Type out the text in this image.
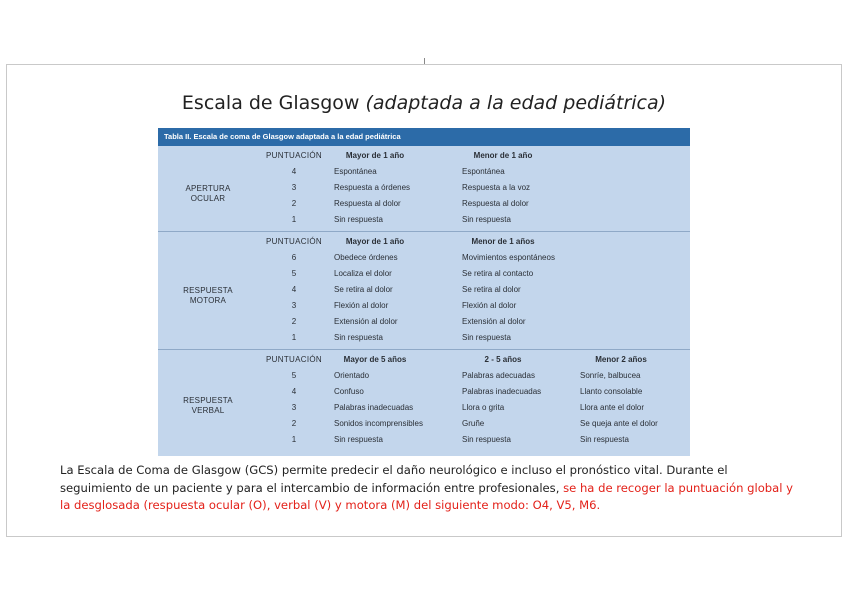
Escala de Glasgow (adaptada a la edad pediátrica)
Tabla II. Escala de coma de Glasgow adaptada a la edad pediátrica
APERTURA
OCULAR
PUNTUACIÓN	Mayor de 1 año	Menor de 1 año
4	Espontánea	Espontánea
3	Respuesta a órdenes	Respuesta a la voz
2	Respuesta al dolor	Respuesta al dolor
1	Sin respuesta	Sin respuesta
RESPUESTA
MOTORA
PUNTUACIÓN	Mayor de 1 año	Menor de 1 años
6	Obedece órdenes	Movimientos espontáneos
5	Localiza el dolor	Se retira al contacto
4	Se retira al dolor	Se retira al dolor
3	Flexión al dolor	Flexión al dolor
2	Extensión al dolor	Extensión al dolor
1	Sin respuesta	Sin respuesta
RESPUESTA
VERBAL
PUNTUACIÓN	Mayor de 5 años	2 - 5 años	Menor 2 años
5	Orientado	Palabras adecuadas	Sonríe, balbucea
4	Confuso	Palabras inadecuadas	Llanto consolable
3	Palabras inadecuadas	Llora o grita	Llora ante el dolor
2	Sonidos incomprensibles	Gruñe	Se queja ante el dolor
1	Sin respuesta	Sin respuesta	Sin respuesta
La Escala de Coma de Glasgow (GCS) permite predecir el daño neurológico e incluso el pronóstico vital. Durante el seguimiento de un paciente y para el intercambio de información entre profesionales, se ha de recoger la puntuación global y la desglosada (respuesta ocular (O), verbal (V) y motora (M) del siguiente modo: O4, V5, M6.
